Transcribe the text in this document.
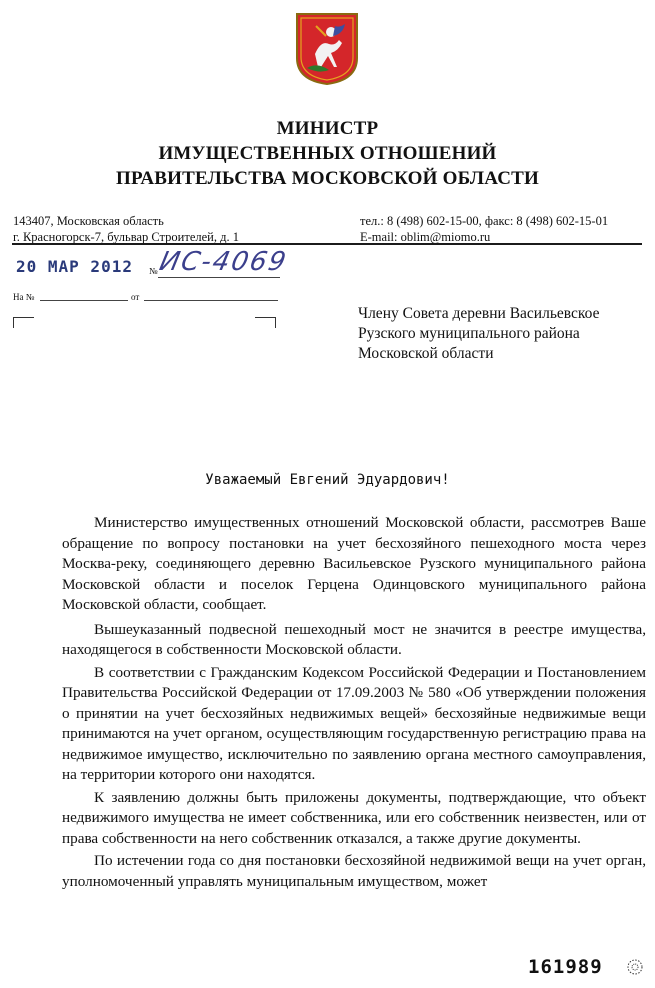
МИНИСТР
ИМУЩЕСТВЕННЫХ ОТНОШЕНИЙ
ПРАВИТЕЛЬСТВА МОСКОВСКОЙ ОБЛАСТИ
143407, Московская область
г. Красногорск-7, бульвар Строителей, д. 1
тел.: 8 (498) 602-15-00, факс: 8 (498) 602-15-01
E-mail: oblim@miomo.ru
20 МАР 2012 № ИС-4069
На №	от
Члену Совета деревни Васильевское
Рузского муниципального района
Московской области
Уважаемый Евгений Эдуардович!

Министерство имущественных отношений Московской области, рассмотрев Ваше обращение по вопросу постановки на учет бесхозяйного пешеходного моста через Москва-реку, соединяющего деревню Васильевское Рузского муниципального района Московской области и поселок Герцена Одинцовского муниципального района Московской области, сообщает.

Вышеуказанный подвесной пешеходный мост не значится в реестре имущества, находящегося в собственности Московской области.

В соответствии с Гражданским Кодексом Российской Федерации и Постановлением Правительства Российской Федерации от 17.09.2003 № 580 «Об утверждении положения о принятии на учет бесхозяйных недвижимых вещей» бесхозяйные недвижимые вещи принимаются на учет органом, осуществляющим государственную регистрацию права на недвижимое имущество, исключительно по заявлению органа местного самоуправления, на территории которого они находятся.

К заявлению должны быть приложены документы, подтверждающие, что объект недвижимого имущества не имеет собственника, или его собственник неизвестен, или от права собственности на него собственник отказался, а также другие документы.

По истечении года со дня постановки бесхозяйной недвижимой вещи на учет орган, уполномоченный управлять муниципальным имуществом, может

161989
